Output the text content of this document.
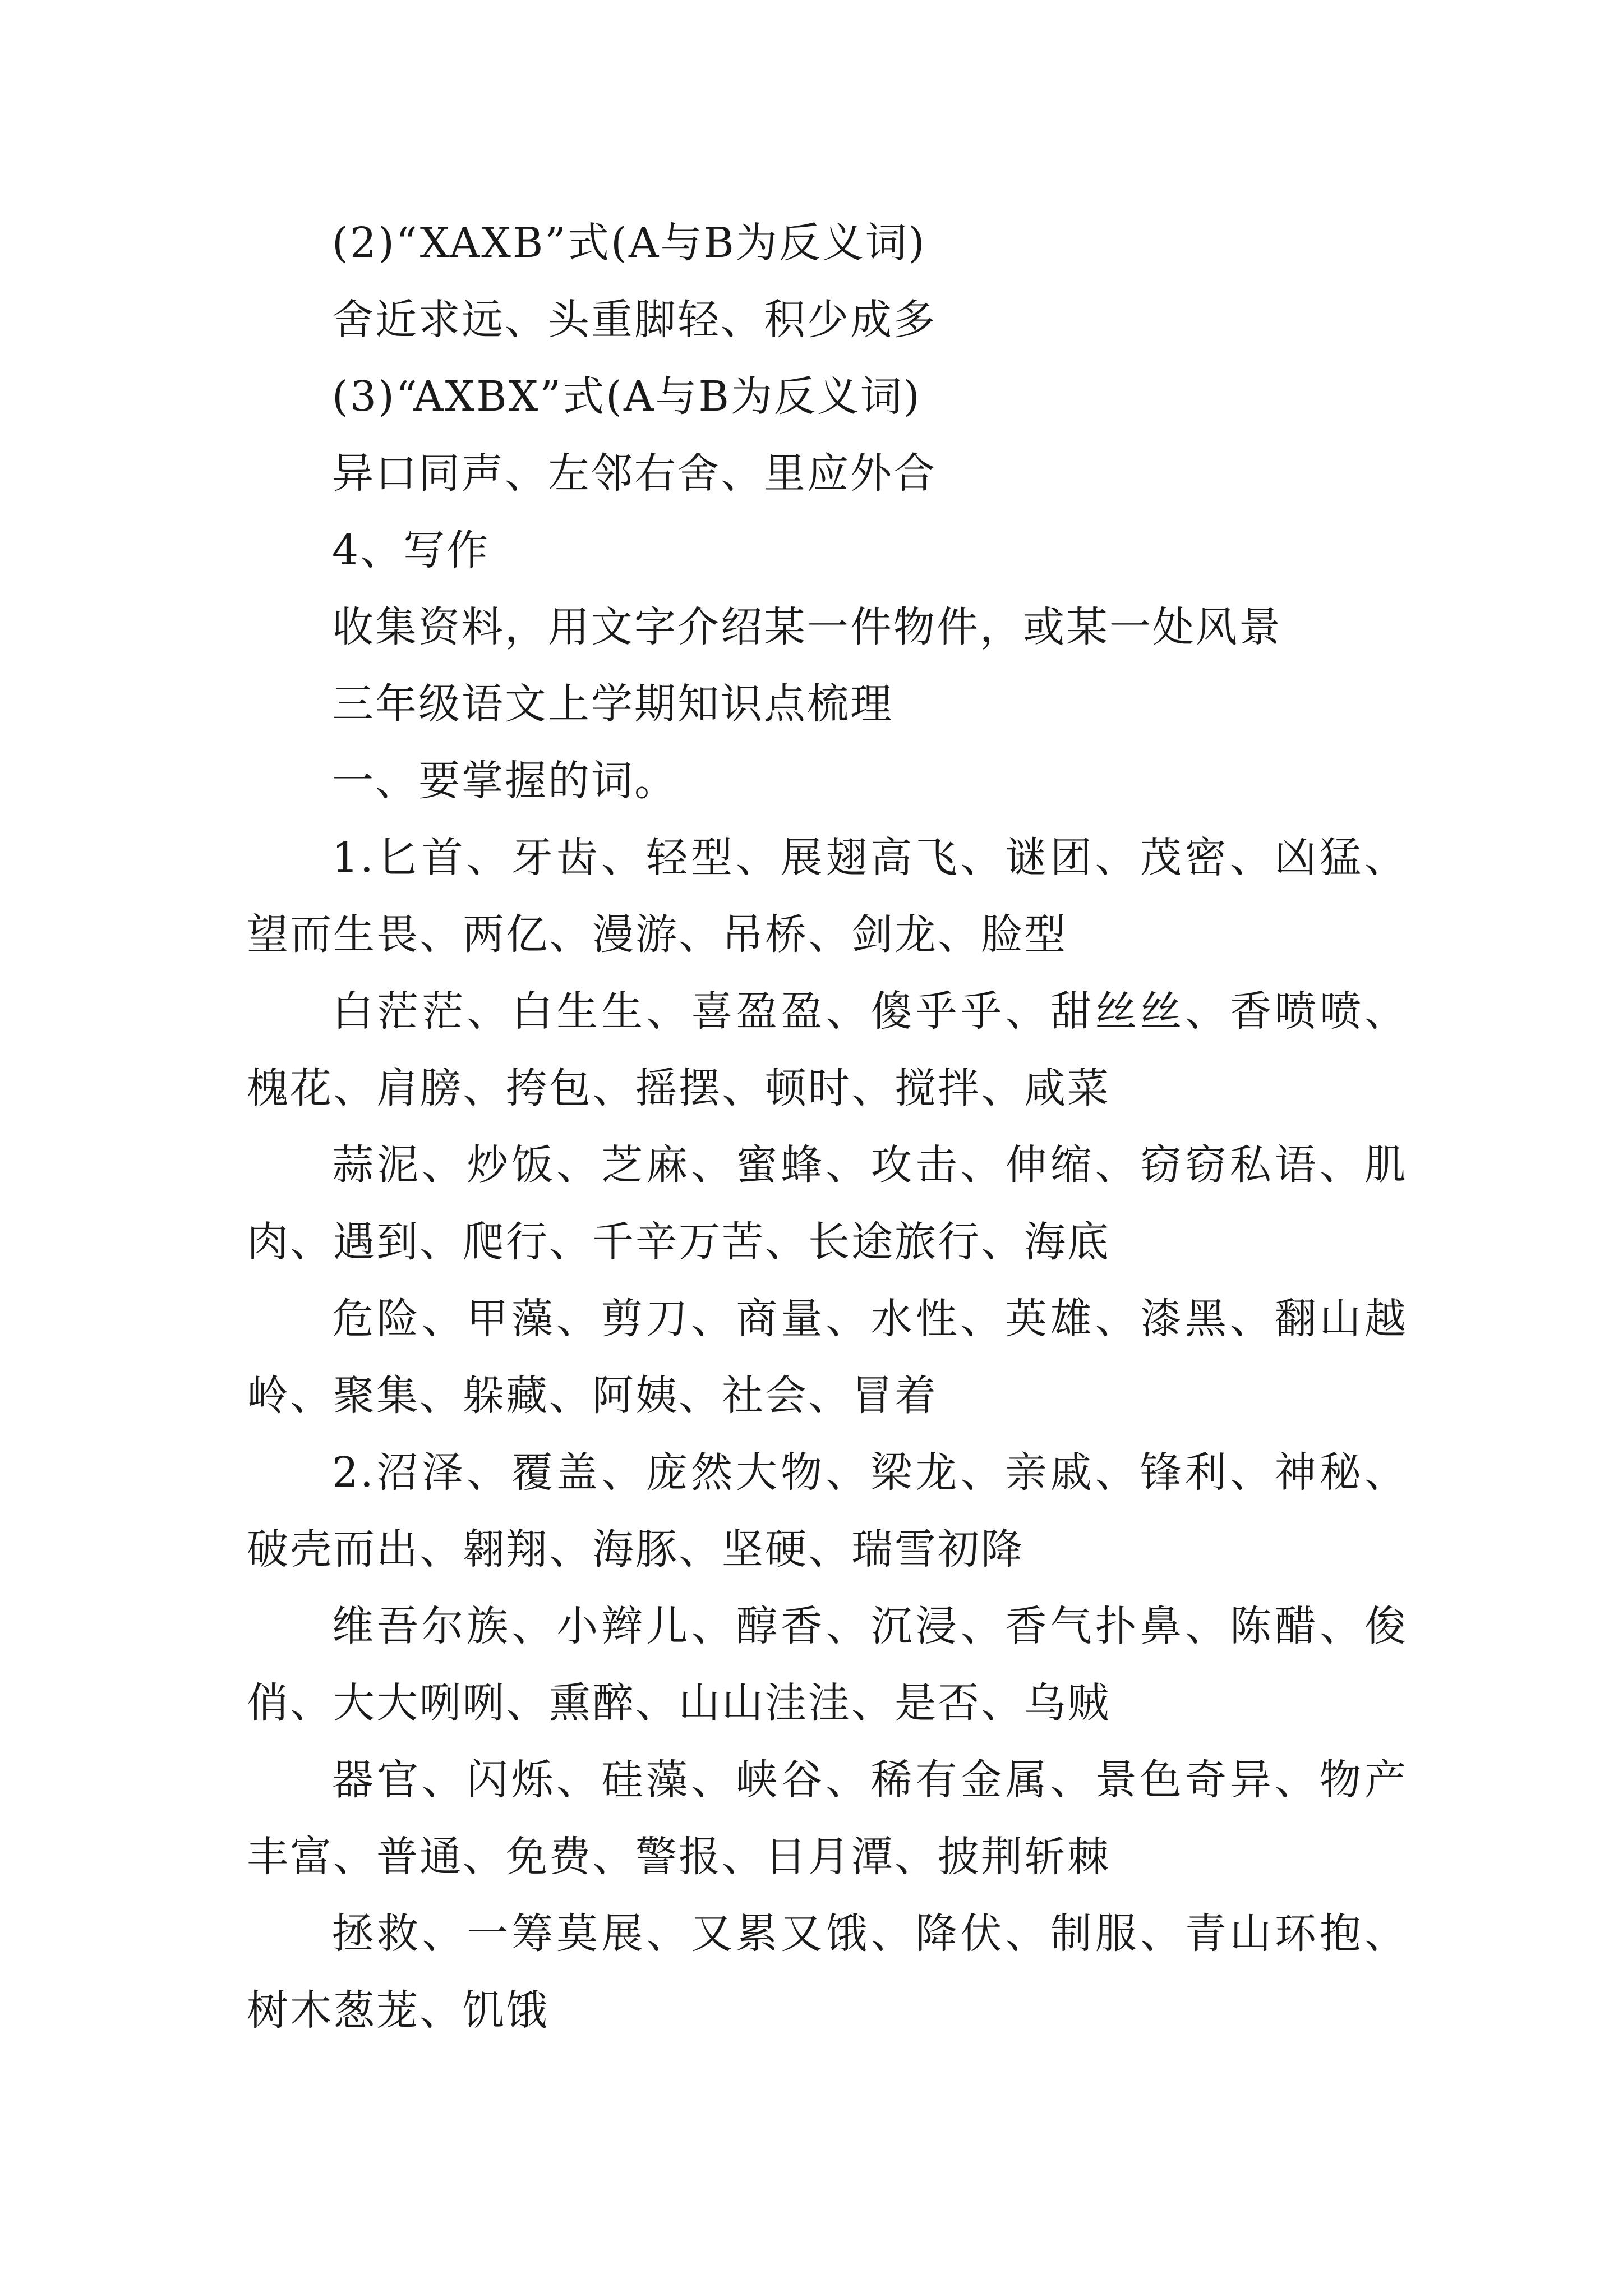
(2)“XAXB”式(A与B为反义词)

舍近求远、头重脚轻、积少成多

(3)“AXBX”式(A与B为反义词)

异口同声、左邻右舍、里应外合

4、写作

收集资料，用文字介绍某一件物件，或某一处风景

三年级语文上学期知识点梳理

一、要掌握的词。

1.匕首、牙齿、轻型、展翅高飞、谜团、茂密、凶猛、望而生畏、两亿、漫游、吊桥、剑龙、脸型

白茫茫、白生生、喜盈盈、傻乎乎、甜丝丝、香喷喷、槐花、肩膀、挎包、摇摆、顿时、搅拌、咸菜

蒜泥、炒饭、芝麻、蜜蜂、攻击、伸缩、窃窃私语、肌肉、遇到、爬行、千辛万苦、长途旅行、海底

危险、甲藻、剪刀、商量、水性、英雄、漆黑、翻山越岭、聚集、躲藏、阿姨、社会、冒着

2.沼泽、覆盖、庞然大物、梁龙、亲戚、锋利、神秘、破壳而出、翱翔、海豚、坚硬、瑞雪初降

维吾尔族、小辫儿、醇香、沉浸、香气扑鼻、陈醋、俊俏、大大咧咧、熏醉、山山洼洼、是否、乌贼

器官、闪烁、硅藻、峡谷、稀有金属、景色奇异、物产丰富、普通、免费、警报、日月潭、披荆斩棘

拯救、一筹莫展、又累又饿、降伏、制服、青山环抱、树木葱茏、饥饿
